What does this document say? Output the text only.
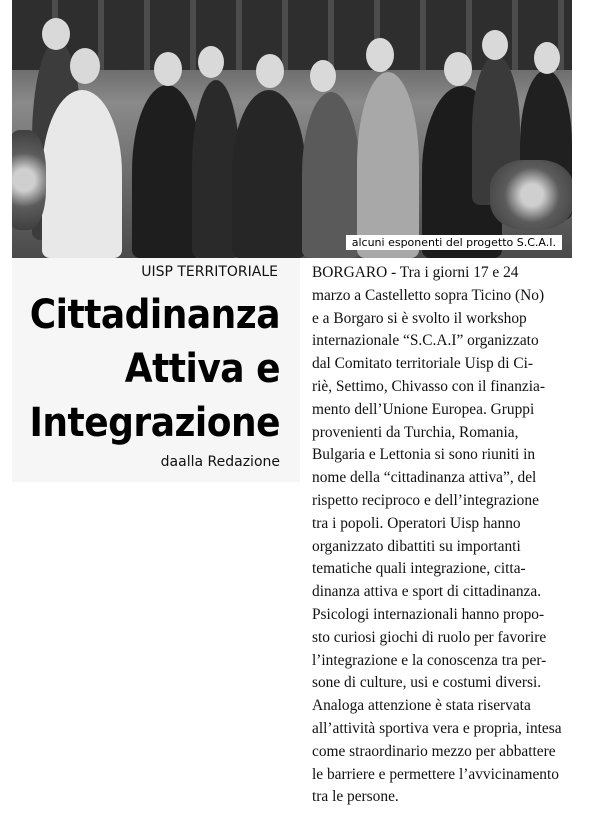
alcuni esponenti del progetto S.C.A.I.
UISP TERRITORIALE
Cittadinanza
Attiva e
Integrazione
daalla Redazione
BORGARO - Tra i giorni 17 e 24
marzo a Castelletto sopra Ticino (No)
e a Borgaro si è svolto il workshop
internazionale “S.C.A.I” organizzato
dal Comitato territoriale Uisp di Ci-
riè, Settimo, Chivasso con il finanzia-
mento dell’Unione Europea. Gruppi
provenienti da Turchia, Romania,
Bulgaria e Lettonia si sono riuniti in
nome della “cittadinanza attiva”, del
rispetto reciproco e dell’integrazione
tra i popoli. Operatori Uisp hanno
organizzato dibattiti su importanti
tematiche quali integrazione, citta-
dinanza attiva e sport di cittadinanza.
Psicologi internazionali hanno propo-
sto curiosi giochi di ruolo per favorire
l’integrazione e la conoscenza tra per-
sone di culture, usi e costumi diversi.
Analoga attenzione è stata riservata
all’attività sportiva vera e propria, intesa
come straordinario mezzo per abbattere
le barriere e permettere l’avvicinamento
tra le persone.
